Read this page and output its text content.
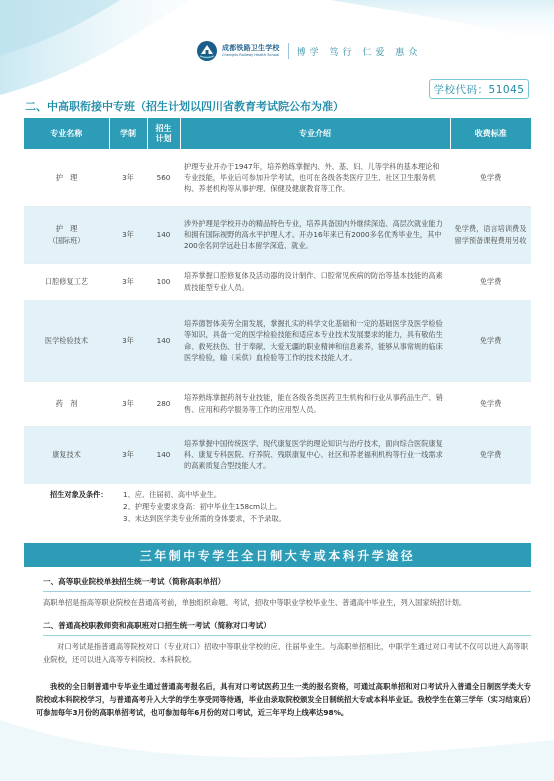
成都铁路卫生学校
Chengdu Railway Health School 博学 笃行 仁爱 惠众
学校代码：51045
二、中高职衔接中专班（招生计划以四川省教育考试院公布为准）
专业名称	学制	招生计划	专业介绍	收费标准
护　理	3年	560	护理专业开办于1947年，培养熟练掌握内、外、基、妇、儿等学科的基本理论和专业技能，毕业后可参加升学考试，也可在各级各类医疗卫生、社区卫生服务机构、养老机构等从事护理、保健及健康教育等工作。	免学费

护　理
（国际班）	3年	140	涉外护理是学校开办的精品特色专业，培养具备国内外继续深造、高层次就业能力和拥有国际视野的高水平护理人才。开办16年来已有2000多名优秀毕业生，其中200余名同学远赴日本留学深造、就业。	免学费，语言培训费及留学预备课程费用另收
口腔修复工艺	3年	100	培养掌握口腔修复体及活动器的设计制作、口腔常见疾病的防治等基本技能的高素质技能型专业人员。	免学费
医学检验技术	3年	140	培养德智体美劳全面发展，掌握扎实的科学文化基础和一定的基础医学及医学检验等知识，具备一定的医学检验技能和适应本专业技术发展要求的能力，具有敬佑生命、救死扶伤、甘于奉献、大爱无疆的职业精神和信息素养，能够从事常规的临床医学检验，输（采供）血检验等工作的技术技能人才。	免学费
药　剂	3年	280	培养熟练掌握药剂专业技能，能在各级各类医药卫生机构和行业从事药品生产、销售、应用和药学服务等工作的应用型人员。	免学费
康复技术	3年	140	培养掌握中国传统医学、现代康复医学的理论知识与治疗技术，面向综合医院康复科、康复专科医院、疗养院、残联康复中心、社区和养老福利机构等行业一线需求的高素质复合型技能人才。	免学费
招生对象及条件： 1、应、往届初、高中毕业生。
2、护理专业要求身高：初中毕业生158cm以上。
3、未达到医学类专业所需的身体要求，不予录取。
三年制中专学生全日制大专或本科升学途径
一、高等职业院校单独招生统一考试（简称高职单招）
高职单招是指高等职业院校在普通高考前，单独组织命题、考试，招收中等职业学校毕业生、普通高中毕业生，列入国家统招计划。
二、普通高校职教师资和高职班对口招生统一考试（简称对口考试）
对口考试是指普通高等院校对口（专业对口）招收中等职业学校的应、往届毕业生。与高职单招相比，中职学生通过对口考试不仅可以进入高等职业院校，还可以进入高等专科院校、本科院校。
我校的全日制普通中专毕业生通过普通高考报名后，具有对口考试医药卫生一类的报名资格，可通过高职单招和对口考试升入普通全日制医学类大专院校或本科院校学习，与普通高考升入大学的学生享受同等待遇，毕业由录取院校颁发全日制统招大专或本科毕业证。我校学生在第三学年（实习结束后）可参加每年3月份的高职单招考试，也可参加每年6月份的对口考试，近三年平均上线率达98%。
